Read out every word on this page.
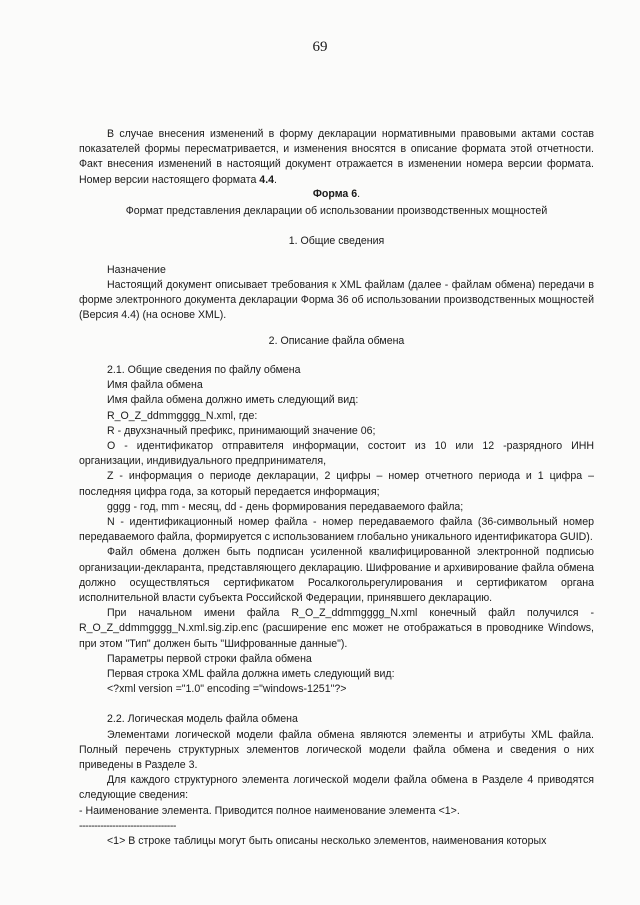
69

В случае внесения изменений в форму декларации нормативными правовыми актами состав показателей формы пересматривается, и изменения вносятся в описание формата этой отчетности. Факт внесения изменений в настоящий документ отражается в изменении номера версии формата. Номер версии настоящего формата 4.4.

Форма 6.

Формат представления декларации об использовании производственных мощностей

1. Общие сведения

Назначение

Настоящий документ описывает требования к XML файлам (далее - файлам обмена) передачи в форме электронного документа декларации Форма 36 об использовании производственных мощностей (Версия 4.4) (на основе XML).

2. Описание файла обмена

2.1. Общие сведения по файлу обмена

Имя файла обмена

Имя файла обмена должно иметь следующий вид:

R_O_Z_ddmmgggg_N.xml, где:

R - двухзначный префикс, принимающий значение 06;

О - идентификатор отправителя информации, состоит из 10 или 12 -разрядного ИНН организации, индивидуального предпринимателя,

Z - информация о периоде декларации, 2 цифры – номер отчетного периода и 1 цифра – последняя цифра года, за который передается информация;

gggg - год, mm - месяц, dd - день формирования передаваемого файла;

N - идентификационный номер файла - номер передаваемого файла (36-символьный номер передаваемого файла, формируется с использованием глобально уникального идентификатора GUID).

Файл обмена должен быть подписан усиленной квалифицированной электронной подписью организации-декларанта, представляющего декларацию. Шифрование и архивирование файла обмена должно осуществляться сертификатом Росалкогольрегулирования и сертификатом органа исполнительной власти субъекта Российской Федерации, принявшего декларацию.

При начальном имени файла R_O_Z_ddmmgggg_N.xml конечный файл получился - R_O_Z_ddmmgggg_N.xml.sig.zip.enc (расширение enc может не отображаться в проводнике Windows, при этом "Тип" должен быть "Шифрованные данные").

Параметры первой строки файла обмена

Первая строка XML файла должна иметь следующий вид:

<?xml version ="1.0" encoding ="windows-1251"?>

2.2. Логическая модель файла обмена

Элементами логической модели файла обмена являются элементы и атрибуты XML файла. Полный перечень структурных элементов логической модели файла обмена и сведения о них приведены в Разделе 3.

Для каждого структурного элемента логической модели файла обмена в Разделе 4 приводятся следующие сведения:

- Наименование элемента. Приводится полное наименование элемента <1>.

--------------------------------

<1> В строке таблицы могут быть описаны несколько элементов, наименования которых
